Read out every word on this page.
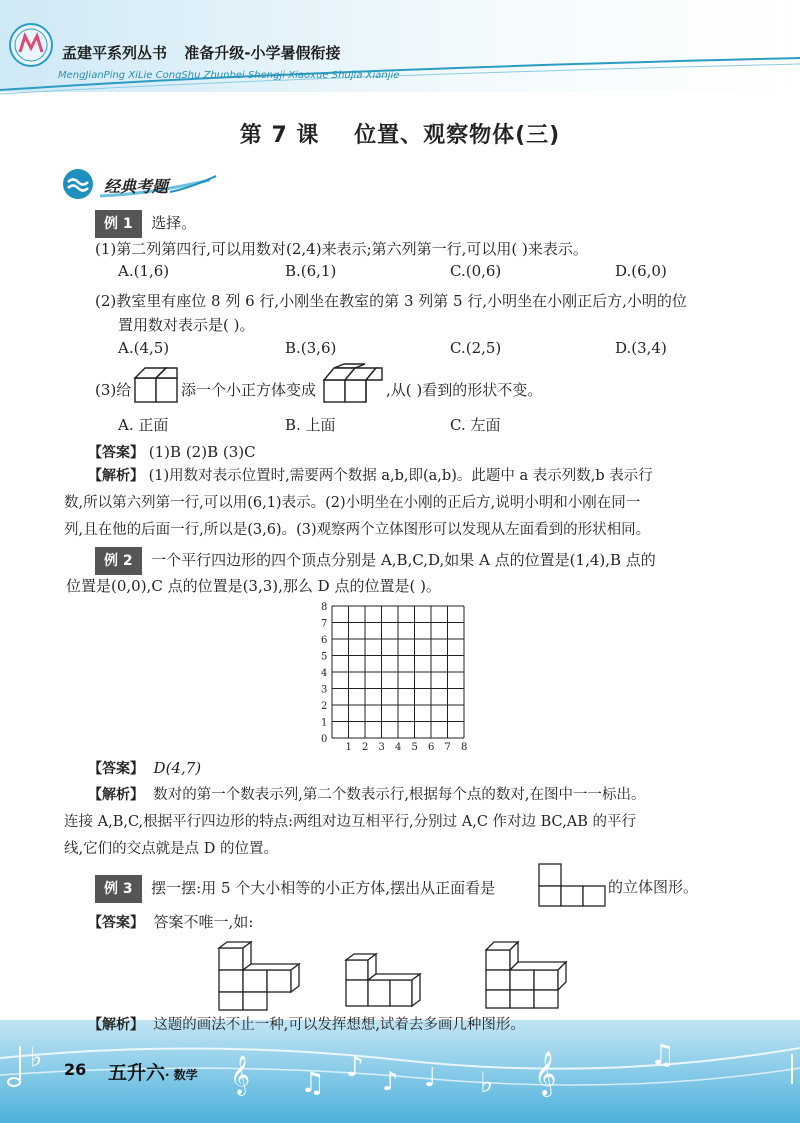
孟建平系列丛书 准备升级-小学暑假衔接
MengJianPing XiLie CongShu Zhunbei Shengji-Xiaoxue Shujia Xianjie
第 7 课 位置、观察物体(三)
经典考题
例 1 选择。
(1)第二列第四行,可以用数对(2,4)来表示;第六列第一行,可以用( )来表示。
A.(1,6)	B.(6,1)	C.(0,6)	D.(6,0)
(2)教室里有座位 8 列 6 行,小刚坐在教室的第 3 列第 5 行,小明坐在小刚正后方,小明的位
置用数对表示是( )。
A.(4,5)	B.(3,6)	C.(2,5)	D.(3,4)
(3)给	添一个小正方体变成	,从( )看到的形状不变。
A. 正面	B. 上面	C. 左面
【答案】 (1)B (2)B (3)C
【解析】 (1)用数对表示位置时,需要两个数据 a,b,即(a,b)。此题中 a 表示列数,b 表示行
数,所以第六列第一行,可以用(6,1)表示。(2)小明坐在小刚的正后方,说明小明和小刚在同一
列,且在他的后面一行,所以是(3,6)。(3)观察两个立体图形可以发现从左面看到的形状相同。
例 2 一个平行四边形的四个顶点分别是 A,B,C,D,如果 A 点的位置是(1,4),B 点的
位置是(0,0),C 点的位置是(3,3),那么 D 点的位置是( )。
1 2 3 4 5 6 7 8
0
1
2
3
4
5
6
7
8
【答案】 D(4,7)
【解析】 数对的第一个数表示列,第二个数表示行,根据每个点的数对,在图中一一标出。
连接 A,B,C,根据平行四边形的特点:两组对边互相平行,分别过 A,C 作对边 BC,AB 的平行
线,它们的交点就是点 D 的位置。
例 3 摆一摆:用 5 个大小相等的小正方体,摆出从正面看是	的立体图形。
【答案】 答案不唯一,如:
【解析】 这题的画法不止一种,可以发挥想想,试着去多画几种图形。
♭	𝄞 ♫ ♪ ♪ ♩ ♭ 𝄞	♫
26 五升六· 数学
